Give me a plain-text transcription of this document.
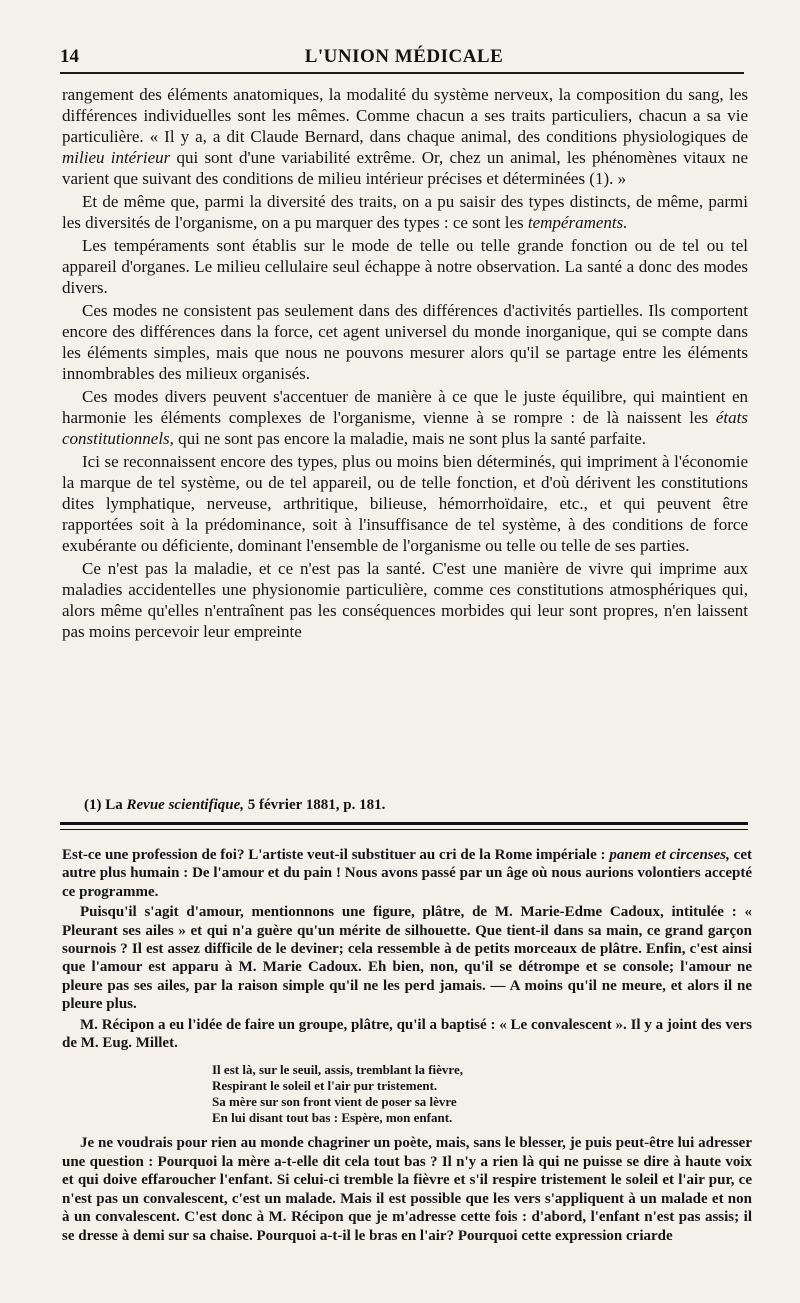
14	L'UNION MÉDICALE

rangement des éléments anatomiques, la modalité du système nerveux, la composition du sang, les différences individuelles sont les mêmes. Comme chacun a ses traits particuliers, chacun a sa vie particulière. « Il y a, a dit Claude Bernard, dans chaque animal, des conditions physiologiques de milieu intérieur qui sont d'une variabilité extrême. Or, chez un animal, les phénomènes vitaux ne varient que suivant des conditions de milieu intérieur précises et déterminées (1). »

Et de même que, parmi la diversité des traits, on a pu saisir des types distincts, de même, parmi les diversités de l'organisme, on a pu marquer des types : ce sont les tempéraments.

Les tempéraments sont établis sur le mode de telle ou telle grande fonction ou de tel ou tel appareil d'organes. Le milieu cellulaire seul échappe à notre observation. La santé a donc des modes divers.

Ces modes ne consistent pas seulement dans des différences d'activités partielles. Ils comportent encore des différences dans la force, cet agent universel du monde inorganique, qui se compte dans les éléments simples, mais que nous ne pouvons mesurer alors qu'il se partage entre les éléments innombrables des milieux organisés.

Ces modes divers peuvent s'accentuer de manière à ce que le juste équilibre, qui maintient en harmonie les éléments complexes de l'organisme, vienne à se rompre : de là naissent les états constitutionnels, qui ne sont pas encore la maladie, mais ne sont plus la santé parfaite.

Ici se reconnaissent encore des types, plus ou moins bien déterminés, qui impriment à l'économie la marque de tel système, ou de tel appareil, ou de telle fonction, et d'où dérivent les constitutions dites lymphatique, nerveuse, arthritique, bilieuse, hémorrhoïdaire, etc., et qui peuvent être rapportées soit à la prédominance, soit à l'insuffisance de tel système, à des conditions de force exubérante ou déficiente, dominant l'ensemble de l'organisme ou telle ou telle de ses parties.

Ce n'est pas la maladie, et ce n'est pas la santé. C'est une manière de vivre qui imprime aux maladies accidentelles une physionomie particulière, comme ces constitutions atmosphériques qui, alors même qu'elles n'entraînent pas les conséquences morbides qui leur sont propres, n'en laissent pas moins percevoir leur empreinte

(1) La Revue scientifique, 5 février 1881, p. 181.

Est-ce une profession de foi? L'artiste veut-il substituer au cri de la Rome impériale : panem et circenses, cet autre plus humain : De l'amour et du pain ! Nous avons passé par un âge où nous aurions volontiers accepté ce programme.

Puisqu'il s'agit d'amour, mentionnons une figure, plâtre, de M. Marie-Edme Cadoux, intitulée : « Pleurant ses ailes » et qui n'a guère qu'un mérite de silhouette. Que tient-il dans sa main, ce grand garçon sournois ? Il est assez difficile de le deviner; cela ressemble à de petits morceaux de plâtre. Enfin, c'est ainsi que l'amour est apparu à M. Marie Cadoux. Eh bien, non, qu'il se détrompe et se console; l'amour ne pleure pas ses ailes, par la raison simple qu'il ne les perd jamais. — A moins qu'il ne meure, et alors il ne pleure plus.

M. Récipon a eu l'idée de faire un groupe, plâtre, qu'il a baptisé : « Le convalescent ». Il y a joint des vers de M. Eug. Millet.

Il est là, sur le seuil, assis, tremblant la fièvre,
Respirant le soleil et l'air pur tristement.
Sa mère sur son front vient de poser sa lèvre
En lui disant tout bas : Espère, mon enfant.

Je ne voudrais pour rien au monde chagriner un poète, mais, sans le blesser, je puis peut-être lui adresser une question : Pourquoi la mère a-t-elle dit cela tout bas ? Il n'y a rien là qui ne puisse se dire à haute voix et qui doive effaroucher l'enfant. Si celui-ci tremble la fièvre et s'il respire tristement le soleil et l'air pur, ce n'est pas un convalescent, c'est un malade. Mais il est possible que les vers s'appliquent à un malade et non à un convalescent. C'est donc à M. Récipon que je m'adresse cette fois : d'abord, l'enfant n'est pas assis; il se dresse à demi sur sa chaise. Pourquoi a-t-il le bras en l'air? Pourquoi cette expression criarde
